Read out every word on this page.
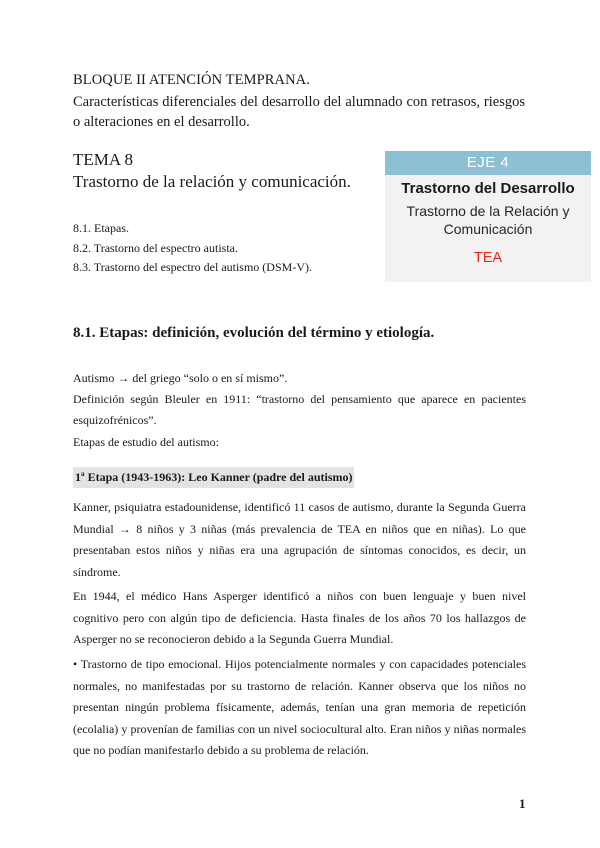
BLOQUE II ATENCIÓN TEMPRANA.
Características diferenciales del desarrollo del alumnado con retrasos, riesgos o alteraciones en el desarrollo.
TEMA 8
Trastorno de la relación y comunicación.
8.1. Etapas.
8.2. Trastorno del espectro autista.
8.3. Trastorno del espectro del autismo (DSM-V).
EJE 4
Trastorno del Desarrollo
Trastorno de la Relación y Comunicación
TEA
8.1. Etapas: definición, evolución del término y etiología.
Autismo → del griego “solo o en sí mismo”.
Definición según Bleuler en 1911: “trastorno del pensamiento que aparece en pacientes esquizofrénicos”.
Etapas de estudio del autismo:
1ª Etapa (1943-1963): Leo Kanner (padre del autismo)
Kanner, psiquiatra estadounidense, identificó 11 casos de autismo, durante la Segunda Guerra Mundial → 8 niños y 3 niñas (más prevalencia de TEA en niños que en niñas). Lo que presentaban estos niños y niñas era una agrupación de síntomas conocidos, es decir, un síndrome.
En 1944, el médico Hans Asperger identificó a niños con buen lenguaje y buen nivel cognitivo pero con algún tipo de deficiencia. Hasta finales de los años 70 los hallazgos de Asperger no se reconocieron debido a la Segunda Guerra Mundial.
• Trastorno de tipo emocional. Hijos potencialmente normales y con capacidades potenciales normales, no manifestadas por su trastorno de relación. Kanner observa que los niños no presentan ningún problema físicamente, además, tenían una gran memoria de repetición (ecolalia) y provenían de familias con un nivel sociocultural alto. Eran niños y niñas normales que no podían manifestarlo debido a su problema de relación.
1
